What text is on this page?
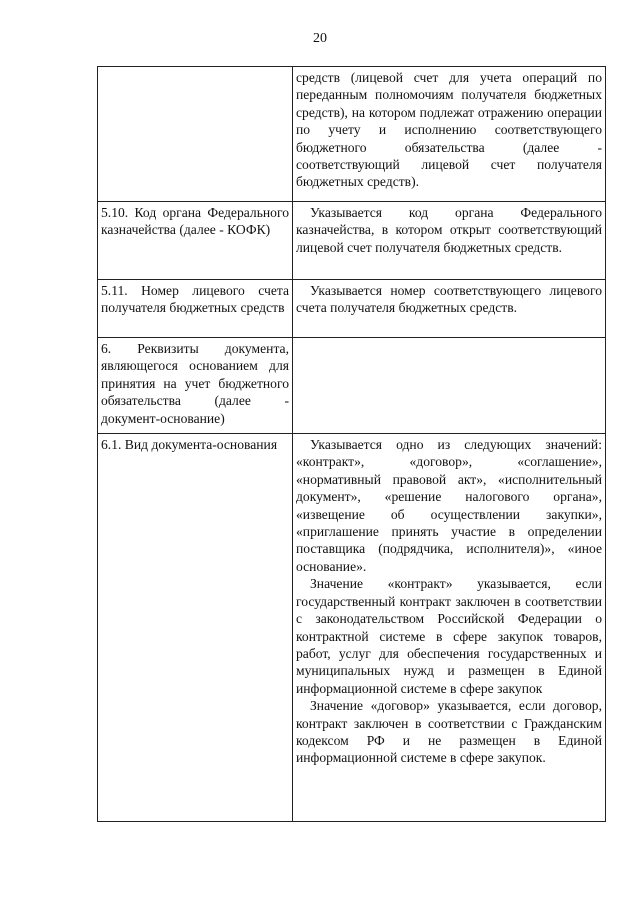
20

	средств (лицевой счет для учета операций по переданным полномочиям получателя бюджетных средств), на котором подлежат отражению операции по учету и исполнению соответствующего бюджетного обязательства (далее - соответствующий лицевой счет получателя бюджетных средств).

5.10. Код органа Федерального казначейства (далее - КОФК)	Указывается код органа Федерального казначейства, в котором открыт соответствующий лицевой счет получателя бюджетных средств.

5.11. Номер лицевого счета получателя бюджетных средств	Указывается номер соответствующего лицевого счета получателя бюджетных средств.

6. Реквизиты документа, являющегося основанием для принятия на учет бюджетного обязательства (далее - документ-основание)	

6.1. Вид документа-основания	Указывается одно из следующих значений: «контракт», «договор», «соглашение», «нормативный правовой акт», «исполнительный документ», «решение налогового органа», «извещение об осуществлении закупки», «приглашение принять участие в определении поставщика (подрядчика, исполнителя)», «иное основание».

Значение «контракт» указывается, если государственный контракт заключен в соответствии с законодательством Российской Федерации о контрактной системе в сфере закупок товаров, работ, услуг для обеспечения государственных и муниципальных нужд и размещен в Единой информационной системе в сфере закупок

Значение «договор» указывается, если договор, контракт заключен в соответствии с Гражданским кодексом РФ и не размещен в Единой информационной системе в сфере закупок.
